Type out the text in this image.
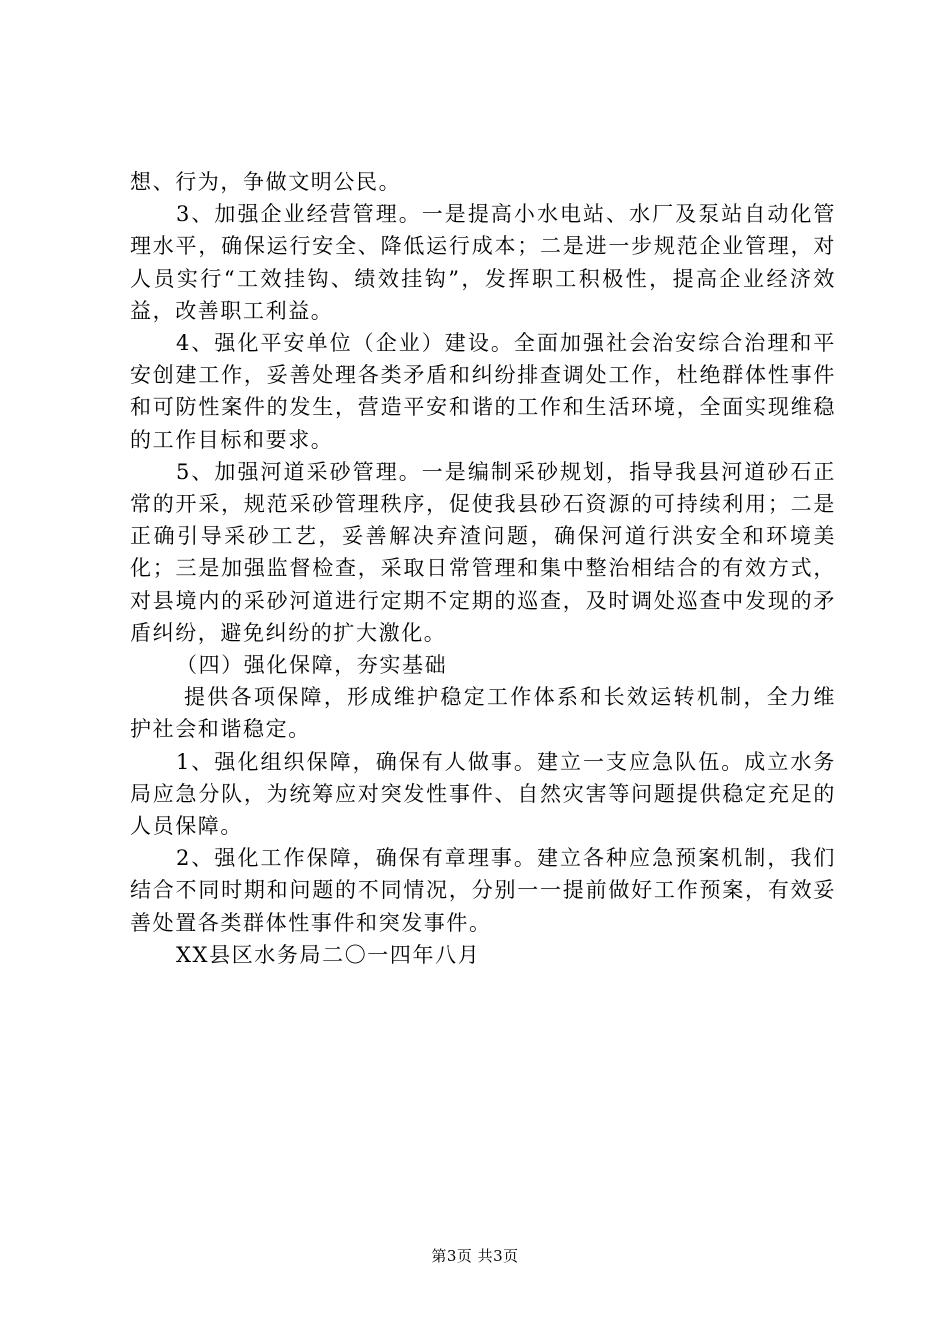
想、行为，争做文明公民。

3、加强企业经营管理。一是提高小水电站、水厂及泵站自动化管理水平，确保运行安全、降低运行成本；二是进一步规范企业管理，对人员实行“工效挂钩、绩效挂钩”，发挥职工积极性，提高企业经济效益，改善职工利益。

4、强化平安单位（企业）建设。全面加强社会治安综合治理和平安创建工作，妥善处理各类矛盾和纠纷排查调处工作，杜绝群体性事件和可防性案件的发生，营造平安和谐的工作和生活环境，全面实现维稳的工作目标和要求。

5、加强河道采砂管理。一是编制采砂规划，指导我县河道砂石正常的开采，规范采砂管理秩序，促使我县砂石资源的可持续利用；二是正确引导采砂工艺，妥善解决弃渣问题，确保河道行洪安全和环境美化；三是加强监督检查，采取日常管理和集中整治相结合的有效方式，对县境内的采砂河道进行定期不定期的巡查，及时调处巡查中发现的矛盾纠纷，避免纠纷的扩大激化。

（四）强化保障，夯实基础

提供各项保障，形成维护稳定工作体系和长效运转机制，全力维护社会和谐稳定。

1、强化组织保障，确保有人做事。建立一支应急队伍。成立水务局应急分队，为统筹应对突发性事件、自然灾害等问题提供稳定充足的人员保障。

2、强化工作保障，确保有章理事。建立各种应急预案机制，我们结合不同时期和问题的不同情况，分别一一提前做好工作预案，有效妥善处置各类群体性事件和突发事件。

XX县区水务局二〇一四年八月

第3页 共3页
